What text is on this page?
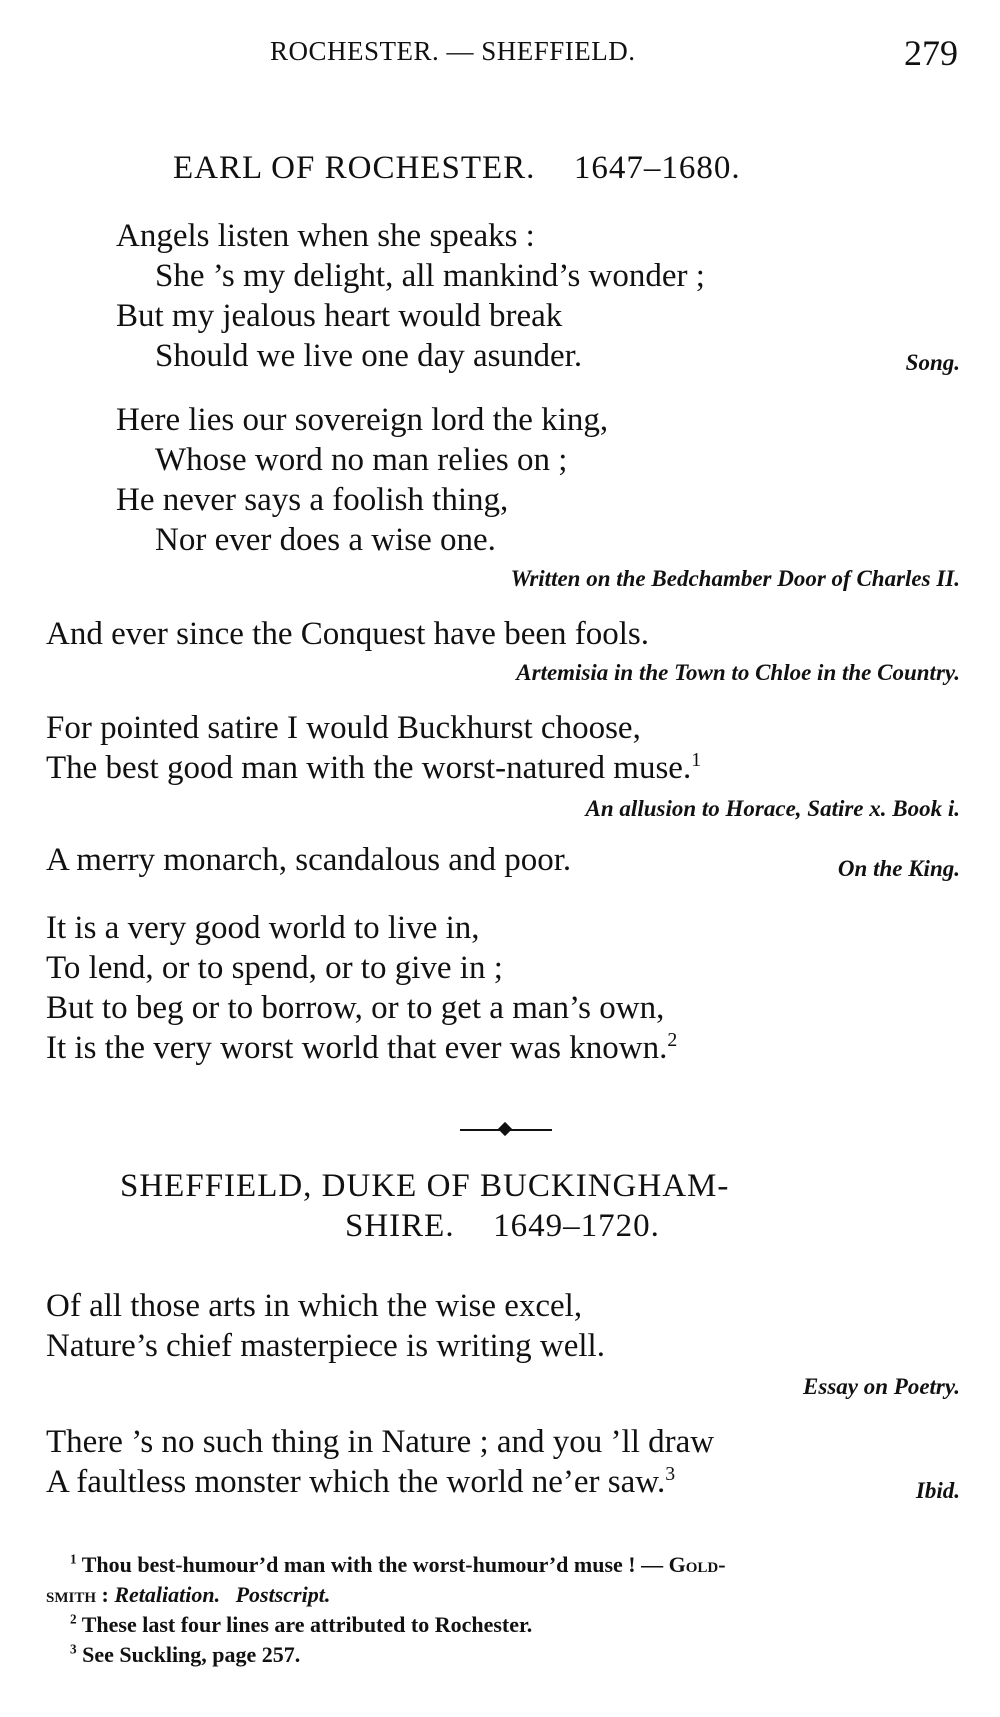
ROCHESTER. — SHEFFIELD.	279
EARL OF ROCHESTER. 1647–1680.
Angels listen when she speaks :
She ’s my delight, all mankind’s wonder ;
But my jealous heart would break
Should we live one day asunder.	Song.
Here lies our sovereign lord the king,
Whose word no man relies on ;
He never says a foolish thing,
Nor ever does a wise one.
Written on the Bedchamber Door of Charles II.
And ever since the Conquest have been fools.
Artemisia in the Town to Chloe in the Country.
For pointed satire I would Buckhurst choose,
The best good man with the worst-natured muse.$^1$
An allusion to Horace, Satire x. Book i.
A merry monarch, scandalous and poor.	On the King.
It is a very good world to live in,
To lend, or to spend, or to give in ;
But to beg or to borrow, or to get a man’s own,
It is the very worst world that ever was known.$^2$
SHEFFIELD, DUKE OF BUCKINGHAM-
SHIRE. 1649–1720.
Of all those arts in which the wise excel,
Nature’s chief masterpiece is writing well.
Essay on Poetry.
There ’s no such thing in Nature ; and you ’ll draw
A faultless monster which the world ne’er saw.$^3$
Ibid.
$^1$ Thou best-humour’d man with the worst-humour’d muse ! — Gold-
smith : Retaliation. Postscript.
$^2$ These last four lines are attributed to Rochester.
$^3$ See Suckling, page 257.
